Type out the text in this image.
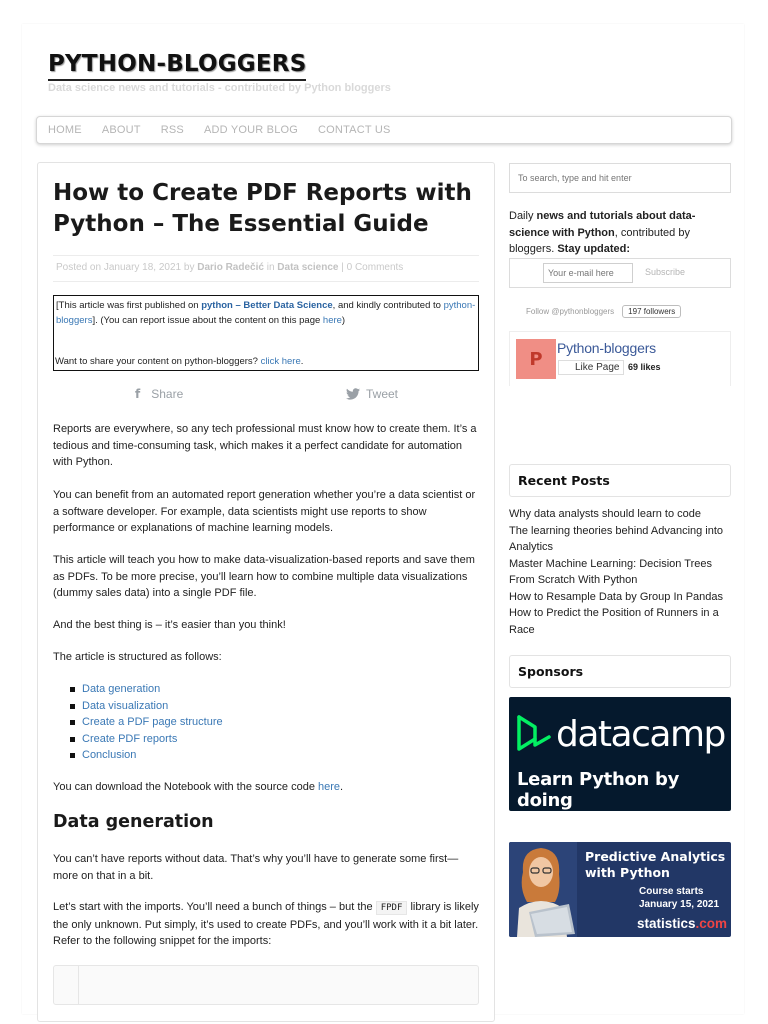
PYTHON-BLOGGERS
Data science news and tutorials - contributed by Python bloggers
HOME ABOUT RSS ADD YOUR BLOG CONTACT US
How to Create PDF Reports with Python – The Essential Guide
Posted on January 18, 2021 by Dario Radečić in Data science | 0 Comments
[This article was first published on python – Better Data Science, and kindly contributed to python-bloggers]. (You can report issue about the content on this page here)
Want to share your content on python-bloggers? click here.
f Share	Tweet

Reports are everywhere, so any tech professional must know how to create them. It’s a tedious and time-consuming task, which makes it a perfect candidate for automation with Python.

You can benefit from an automated report generation whether you’re a data scientist or a software developer. For example, data scientists might use reports to show performance or explanations of machine learning models.

This article will teach you how to make data-visualization-based reports and save them as PDFs. To be more precise, you’ll learn how to combine multiple data visualizations (dummy sales data) into a single PDF file.

And the best thing is – it’s easier than you think!

The article is structured as follows:

Data generation
Data visualization
Create a PDF page structure
Create PDF reports
Conclusion

You can download the Notebook with the source code here.

Data generation

You can’t have reports without data. That’s why you’ll have to generate some first—more on that in a bit.

Let’s start with the imports. You’ll need a bunch of things – but the FPDF library is likely the only unknown. Put simply, it’s used to create PDFs, and you’ll work with it a bit later. Refer to the following snippet for the imports:

To search, type and hit enter
Daily news and tutorials about data-science with Python, contributed by bloggers. Stay updated:
Your e-mail here
Subscribe
Follow @pythonbloggers	197 followers
P
Python-bloggers
Like Page 69 likes
Recent Posts
Why data analysts should learn to code
The learning theories behind Advancing into Analytics
Master Machine Learning: Decision Trees From Scratch With Python
How to Resample Data by Group In Pandas
How to Predict the Position of Runners in a Race
Sponsors
datacamp
Learn Python by doing
Predictive Analytics
with Python
Course starts
January 15, 2021
statistics.com
